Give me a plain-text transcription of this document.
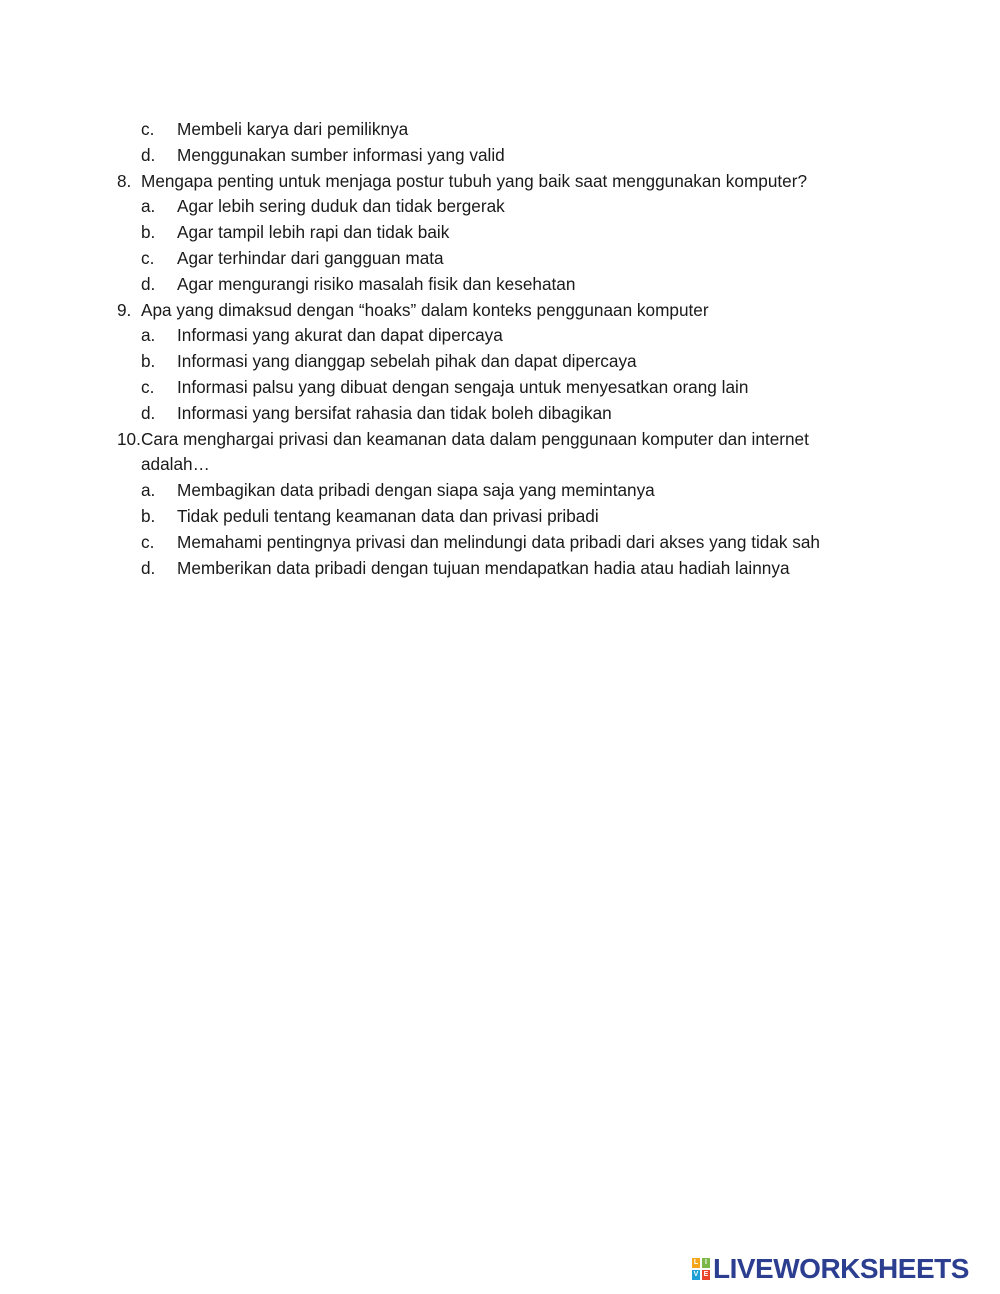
c. Membeli karya dari pemiliknya
d. Menggunakan sumber informasi yang valid
8. Mengapa penting untuk menjaga postur tubuh yang baik saat menggunakan komputer?
a. Agar lebih sering duduk dan tidak bergerak
b. Agar tampil lebih rapi dan tidak baik
c. Agar terhindar dari gangguan mata
d. Agar mengurangi risiko masalah fisik dan kesehatan
9. Apa yang dimaksud dengan “hoaks” dalam konteks penggunaan komputer
a. Informasi yang akurat dan dapat dipercaya
b. Informasi yang dianggap sebelah pihak dan dapat dipercaya
c. Informasi palsu yang dibuat dengan sengaja untuk menyesatkan orang lain
d. Informasi yang bersifat rahasia dan tidak boleh dibagikan
10. Cara menghargai privasi dan keamanan data dalam penggunaan komputer dan internet
adalah…
a. Membagikan data pribadi dengan siapa saja yang memintanya
b. Tidak peduli tentang keamanan data dan privasi pribadi
c. Memahami pentingnya privasi dan melindungi data pribadi dari akses yang tidak sah
d. Memberikan data pribadi dengan tujuan mendapatkan hadia atau hadiah lainnya
L I
V E LIVEWORKSHEETS
